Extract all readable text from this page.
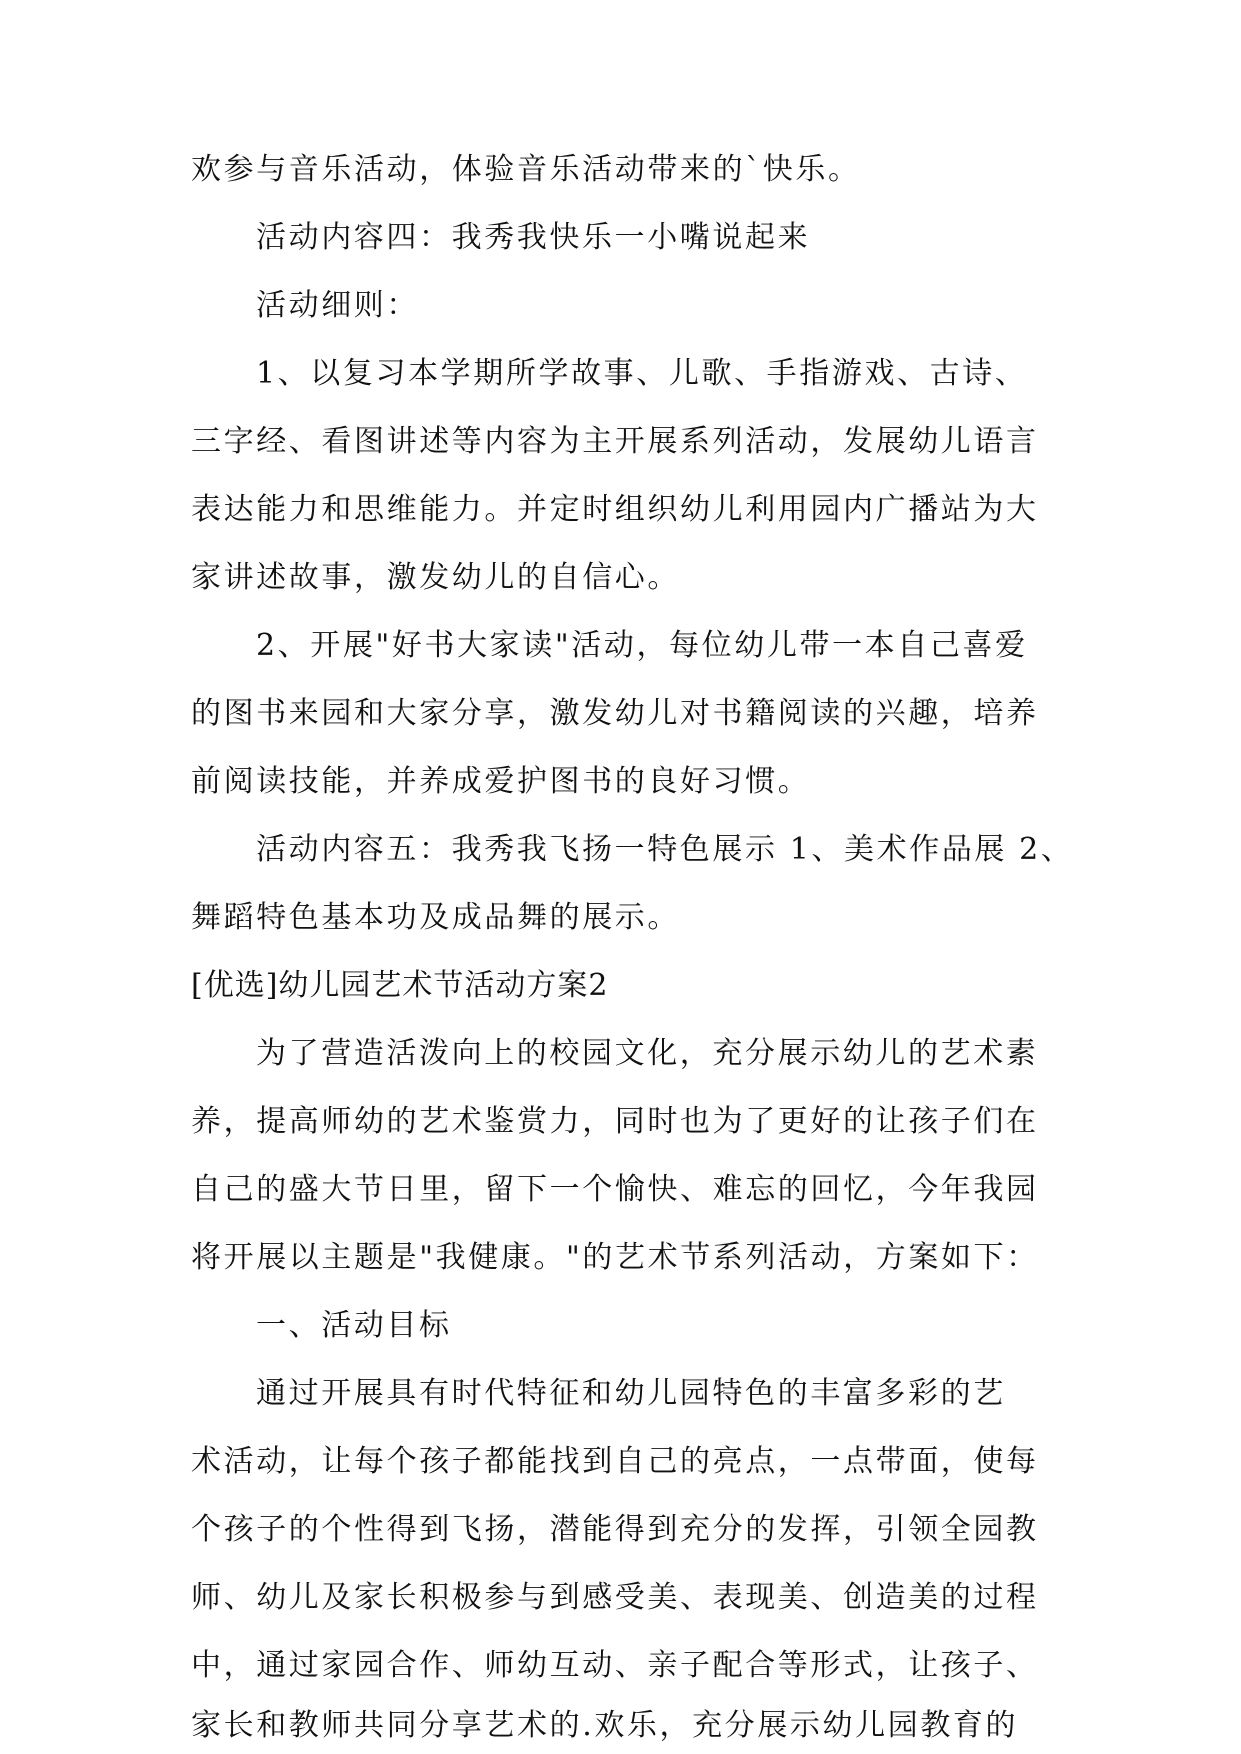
欢参与音乐活动，体验音乐活动带来的`快乐。
活动内容四：我秀我快乐一小嘴说起来
活动细则：
1、以复习本学期所学故事、儿歌、手指游戏、古诗、
三字经、看图讲述等内容为主开展系列活动，发展幼儿语言
表达能力和思维能力。并定时组织幼儿利用园内广播站为大
家讲述故事，激发幼儿的自信心。
2、开展"好书大家读"活动，每位幼儿带一本自己喜爱
的图书来园和大家分享，激发幼儿对书籍阅读的兴趣，培养
前阅读技能，并养成爱护图书的良好习惯。
活动内容五：我秀我飞扬一特色展示 1、美术作品展 2、
舞蹈特色基本功及成品舞的展示。
[优选]幼儿园艺术节活动方案2
为了营造活泼向上的校园文化，充分展示幼儿的艺术素
养，提高师幼的艺术鉴赏力，同时也为了更好的让孩子们在
自己的盛大节日里，留下一个愉快、难忘的回忆，今年我园
将开展以主题是"我健康。"的艺术节系列活动，方案如下：
一、活动目标
通过开展具有时代特征和幼儿园特色的丰富多彩的艺
术活动，让每个孩子都能找到自己的亮点，一点带面，使每
个孩子的个性得到飞扬，潜能得到充分的发挥，引领全园教
师、幼儿及家长积极参与到感受美、表现美、创造美的过程
中，通过家园合作、师幼互动、亲子配合等形式，让孩子、
家长和教师共同分享艺术的.欢乐，充分展示幼儿园教育的
